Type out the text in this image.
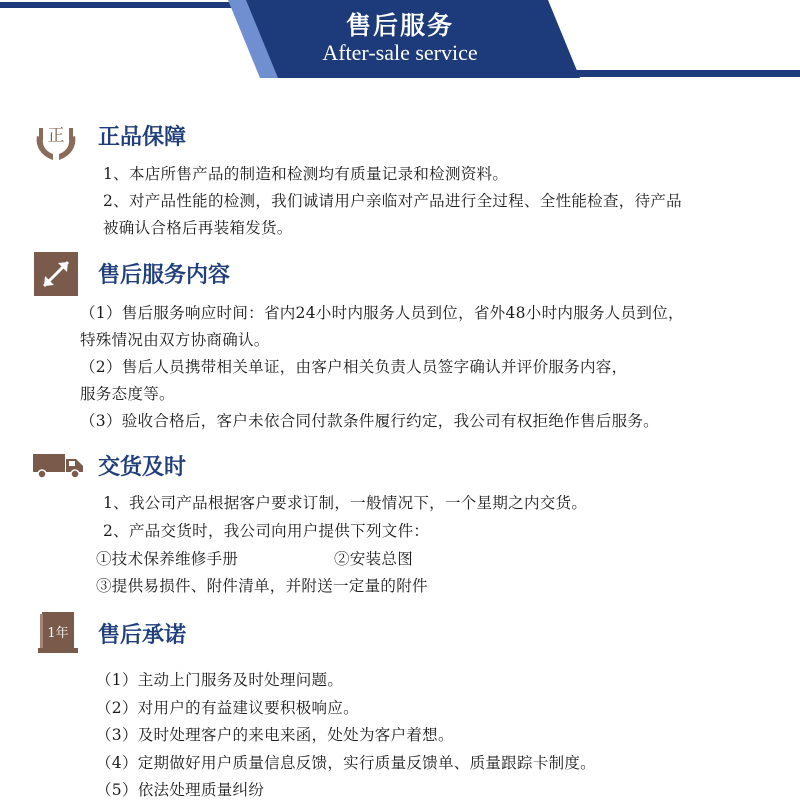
售后服务
After-sale service
正 正品保障
1、本店所售产品的制造和检测均有质量记录和检测资料。
2、对产品性能的检测，我们诚请用户亲临对产品进行全过程、全性能检查，待产品
被确认合格后再装箱发货。
售后服务内容
（1）售后服务响应时间：省内24小时内服务人员到位，省外48小时内服务人员到位，
特殊情况由双方协商确认。
（2）售后人员携带相关单证，由客户相关负责人员签字确认并评价服务内容，
服务态度等。
（3）验收合格后，客户未依合同付款条件履行约定，我公司有权拒绝作售后服务。
交货及时
1、我公司产品根据客户要求订制，一般情况下，一个星期之内交货。
2、产品交货时，我公司向用户提供下列文件：
①技术保养维修手册	②安装总图
③提供易损件、附件清单，并附送一定量的附件
1年 售后承诺
（1）主动上门服务及时处理问题。
（2）对用户的有益建议要积极响应。
（3）及时处理客户的来电来函，处处为客户着想。
（4）定期做好用户质量信息反馈，实行质量反馈单、质量跟踪卡制度。
（5）依法处理质量纠纷
